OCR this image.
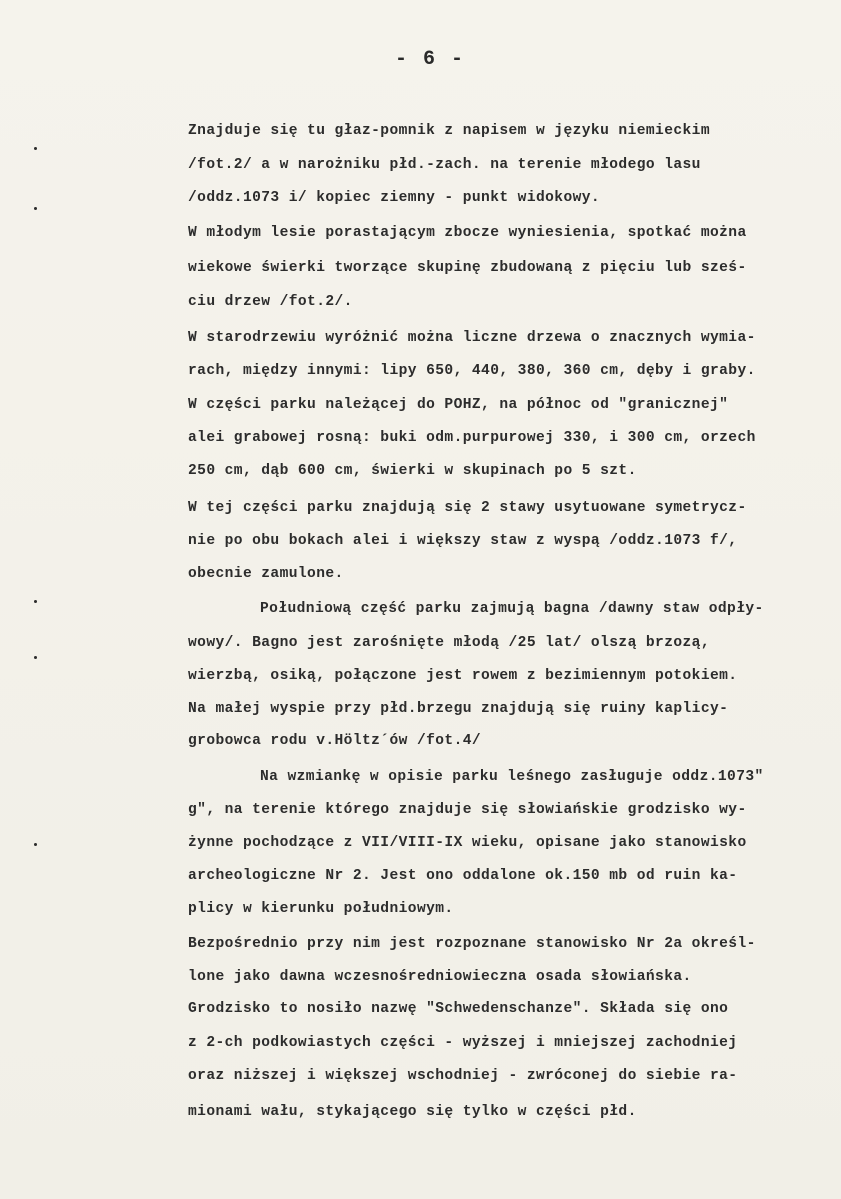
- 6 -
Znajduje się tu głaz-pomnik z napisem w języku niemieckim
/fot.2/ a w narożniku płd.-zach. na terenie młodego lasu
/oddz.1073 i/ kopiec ziemny - punkt widokowy.
W młodym lesie porastającym zbocze wyniesienia, spotkać można
wiekowe świerki tworzące skupinę zbudowaną z pięciu lub sześ-
ciu drzew /fot.2/.
W starodrzewiu wyróżnić można liczne drzewa o znacznych wymia-
rach, między innymi: lipy 650, 440, 380, 360 cm, dęby i graby.
W części parku należącej do POHZ, na północ od "granicznej"
alei grabowej rosną: buki odm.purpurowej 330, i 300 cm, orzech
250 cm, dąb 600 cm, świerki w skupinach po 5 szt.
W tej części parku znajdują się 2 stawy usytuowane symetrycz-
nie po obu bokach alei i większy staw z wyspą /oddz.1073 f/,
obecnie zamulone.
Południową część parku zajmują bagna /dawny staw odpły-
wowy/. Bagno jest zarośnięte młodą /25 lat/ olszą brzozą,
wierzbą, osiką, połączone jest rowem z bezimiennym potokiem.
Na małej wyspie przy płd.brzegu znajdują się ruiny kaplicy-
grobowca rodu v.Höltz´ów /fot.4/
Na wzmiankę w opisie parku leśnego zasługuje oddz.1073"
g", na terenie którego znajduje się słowiańskie grodzisko wy-
żynne pochodzące z VII/VIII-IX wieku, opisane jako stanowisko
archeologiczne Nr 2. Jest ono oddalone ok.150 mb od ruin ka-
plicy w kierunku południowym.
Bezpośrednio przy nim jest rozpoznane stanowisko Nr 2a określ-
lone jako dawna wczesnośredniowieczna osada słowiańska.
Grodzisko to nosiło nazwę "Schwedenschanze". Składa się ono
z 2-ch podkowiastych części - wyższej i mniejszej zachodniej
oraz niższej i większej wschodniej - zwróconej do siebie ra-
mionami wału, stykającego się tylko w części płd.
